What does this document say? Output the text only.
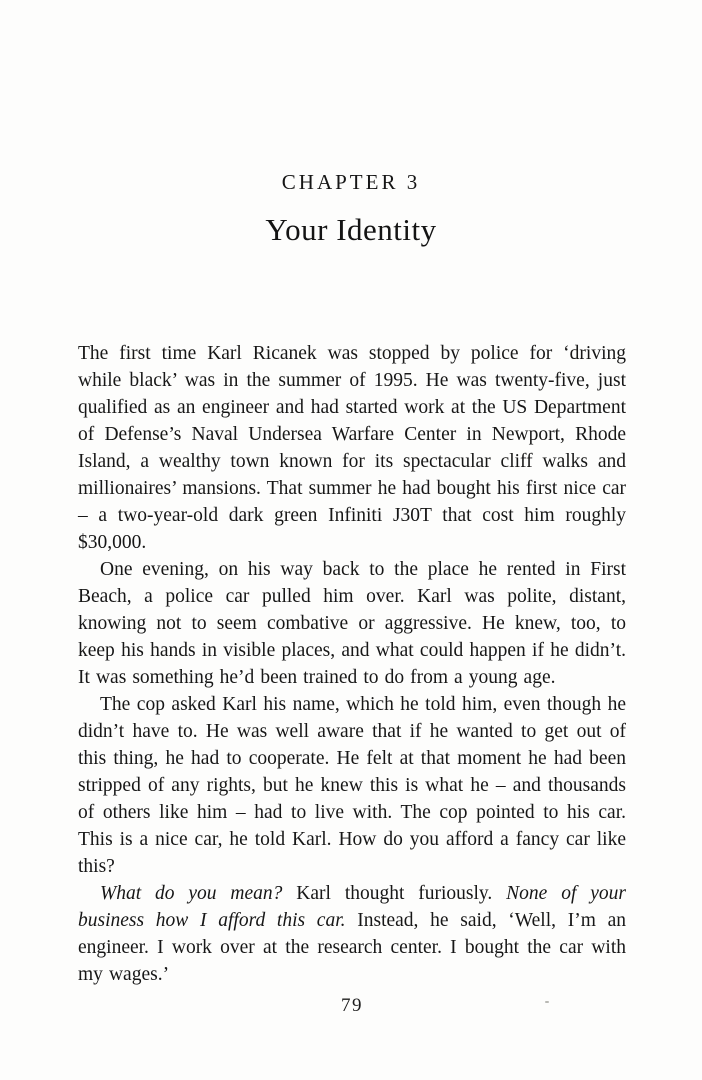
CHAPTER 3
Your Identity

The first time Karl Ricanek was stopped by police for ‘driving while black’ was in the summer of 1995. He was twenty-five, just qualified as an engineer and had started work at the US Department of Defense’s Naval Undersea Warfare Center in Newport, Rhode Island, a wealthy town known for its spectacular cliff walks and millionaires’ mansions. That summer he had bought his first nice car – a two-year-old dark green Infiniti J30T that cost him roughly $30,000.

One evening, on his way back to the place he rented in First Beach, a police car pulled him over. Karl was polite, distant, knowing not to seem combative or aggressive. He knew, too, to keep his hands in visible places, and what could happen if he didn’t. It was something he’d been trained to do from a young age.

The cop asked Karl his name, which he told him, even though he didn’t have to. He was well aware that if he wanted to get out of this thing, he had to cooperate. He felt at that moment he had been stripped of any rights, but he knew this is what he – and thousands of others like him – had to live with. The cop pointed to his car. This is a nice car, he told Karl. How do you afford a fancy car like this?

What do you mean? Karl thought furiously. None of your business how I afford this car. Instead, he said, ‘Well, I’m an engineer. I work over at the research center. I bought the car with my wages.’

79
